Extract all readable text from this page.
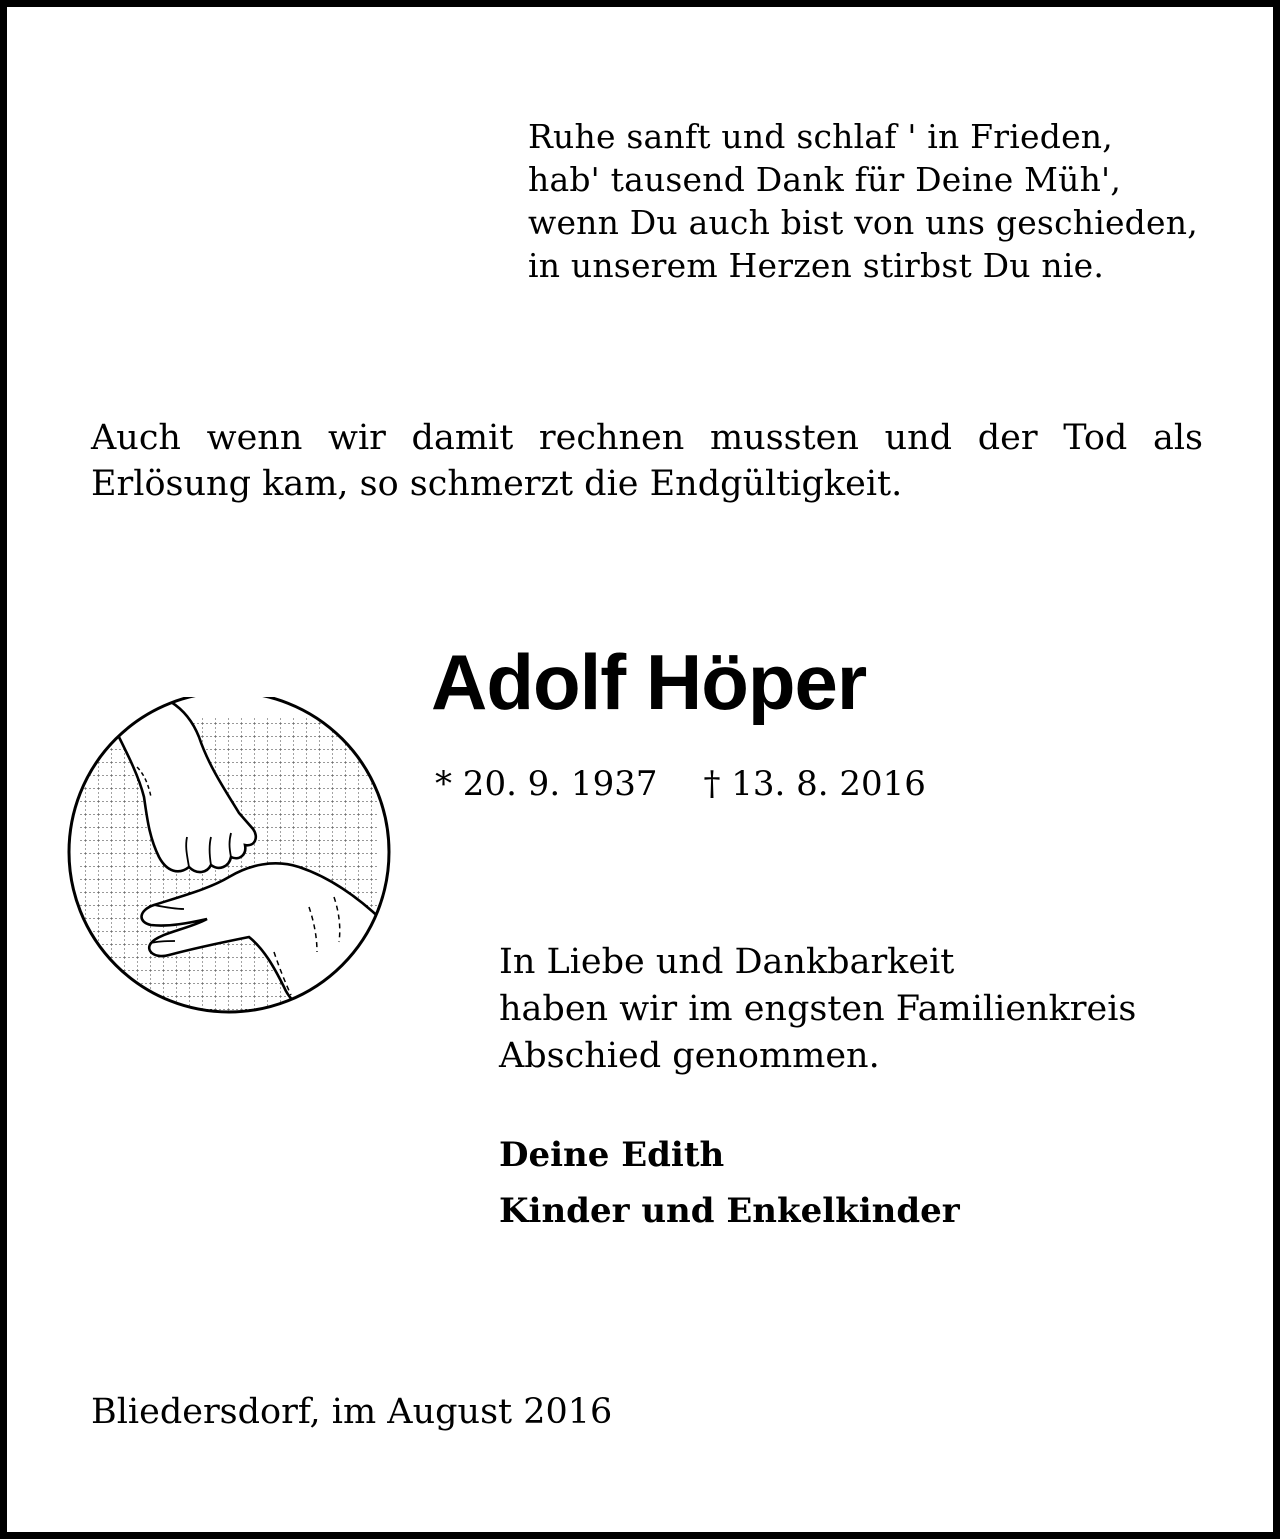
Ruhe sanft und schlaf ' in Frieden,
hab' tausend Dank für Deine Müh',
wenn Du auch bist von uns geschieden,
in unserem Herzen stirbst Du nie.
Auch wenn wir damit rechnen mussten und der Tod als
Erlösung kam, so schmerzt die Endgültigkeit.
Adolf Höper
* 20. 9. 1937 † 13. 8. 2016
In Liebe und Dankbarkeit
haben wir im engsten Familienkreis
Abschied genommen.
Deine Edith
Kinder und Enkelkinder
Bliedersdorf, im August 2016
